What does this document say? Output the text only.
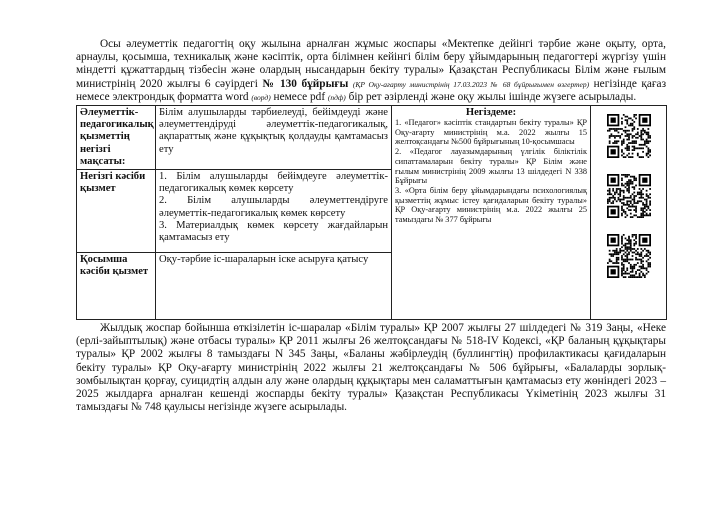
Осы әлеуметтік педагогтің оқу жылына арналған жұмыс жоспары «Мектепке дейінгі тәрбие және оқыту, орта, арнаулы, қосымша, техникалық және кәсіптік, орта білімнен кейінгі білім беру ұйымдарының педагогтері жүргізу үшін міндетті құжаттардың тізбесін және олардың нысандарын бекіту туралы» Қазақстан Республикасы Білім және ғылым министрінің 2020 жылғы 6 сәуірдегі № 130 бұйрығы (ҚР Оқу-ағарту министрінің 17.03.2023 № 68 бұйрығымен өзгертер) негізінде қағаз немесе электрондық форматта word (ворд) немесе pdf (пдф) бір рет әзірленді және оқу жылы ішінде жүзеге асырылады.

Әлеуметтік-педагогикалық қызметтің негізгі мақсаты:	Білім алушыларды тәрбиелеуді, бейімдеуді және әлеуметтендіруді әлеуметтік-педагогикалық, ақпараттық және құқықтық қолдауды қамтамасыз ету	Негіздеме:
1. «Педагог» кәсіптік стандартын бекіту туралы» ҚР Оқу-ағарту министрінің м.а. 2022 жылғы 15 желтоқсандағы №500 бұйрығының 10-қосымшасы
2. «Педагог лауазымдарының үлгілік біліктілік сипаттамаларын бекіту туралы» ҚР Білім және ғылым министрінің 2009 жылғы 13 шілдедегі N 338 Бұйрығы
3. «Орта білім беру ұйымдарындағы психологиялық қызметтің жұмыс істеу қағидаларын бекіту туралы» ҚР Оқу-ағарту министрінің м.а. 2022 жылғы 25 тамыздағы № 377 бұйрығы

Негізгі кәсіби қызмет	1. Білім алушыларды бейімдеуге әлеуметтік-педагогикалық көмек көрсету
2. Білім алушыларды әлеуметтендіруге әлеуметтік-педагогикалық көмек көрсету
3. Материалдық көмек көрсету жағдайларын қамтамасыз ету		

Қосымша кәсіби қызмет	Оқу-тәрбие іс-шараларын іске асыруға қатысу		

Жылдық жоспар бойынша өткізілетін іс-шаралар «Білім туралы» ҚР 2007 жылғы 27 шілдедегі № 319 Заңы, «Неке (ерлі-зайыптылық) және отбасы туралы» ҚР 2011 жылғы 26 желтоқсандағы № 518-IV Кодексі, «ҚР баланың құқықтары туралы» ҚР 2002 жылғы 8 тамыздағы N 345 Заңы, «Баланы жәбірлеудің (буллингтің) профилактикасы қағидаларын бекіту туралы» ҚР Оқу-ағарту министрінің 2022 жылғы 21 желтоқсандағы № 506 бұйрығы, «Балаларды зорлық-зомбылықтан қорғау, суицидтің алдын алу және олардың құқықтары мен саламаттығын қамтамасыз ету жөніндегі 2023 – 2025 жылдарға арналған кешенді жоспарды бекіту туралы» Қазақстан Республикасы Үкіметінің 2023 жылғы 31 тамыздағы № 748 қаулысы негізінде жүзеге асырылады.
